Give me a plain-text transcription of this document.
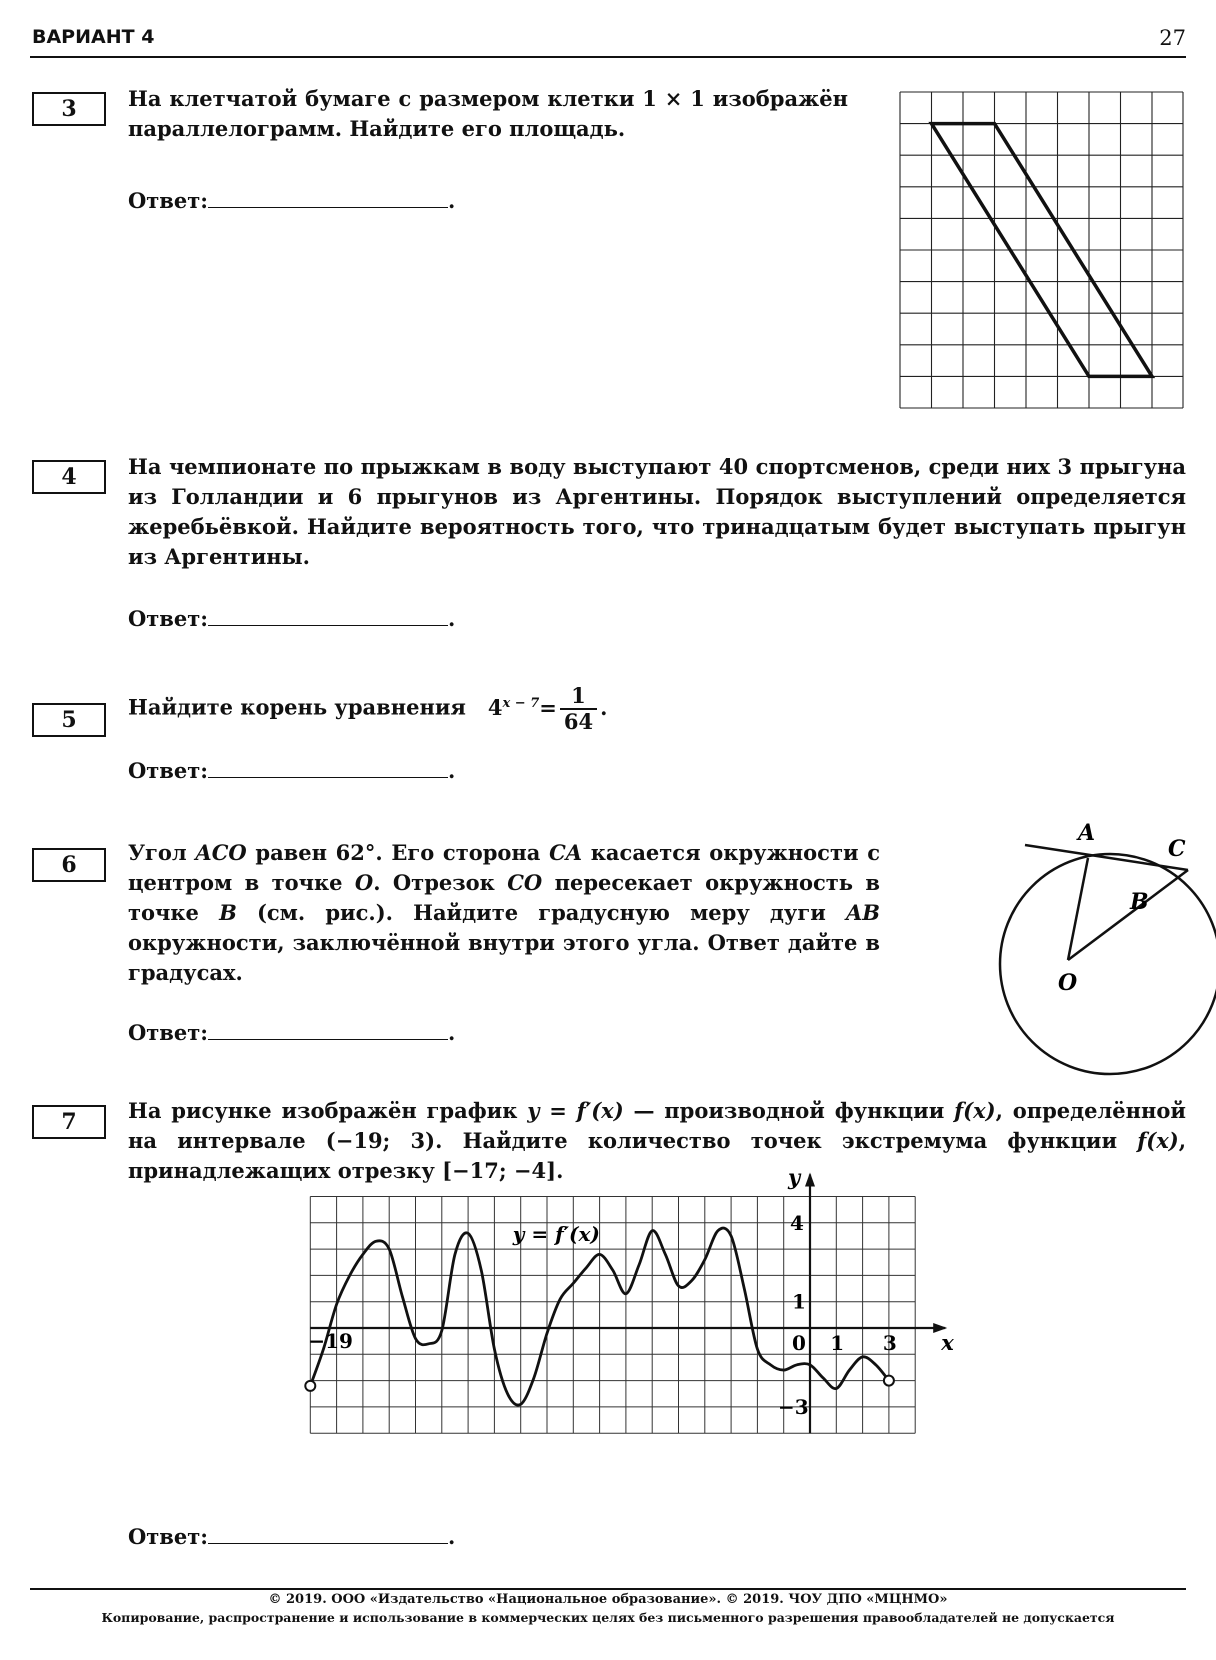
ВАРИАНТ 4	27
3	На клетчатой бумаге с размером клетки 1 × 1 изображён параллелограмм. Найдите его площадь.
Ответ:	.
4	На чемпионате по прыжкам в воду выступают 40 спортсменов, среди них 3 прыгуна из Голландии и 6 прыгунов из Аргентины. Порядок выступлений определяется жеребьёвкой. Найдите вероятность того, что тринадцатым будет выступать прыгун из Аргентины.
Ответ:	.
5	Найдите корень уравнения $4^{x - 7}= \frac{1}{64}$ .
Ответ:	.
6	Угол ACO равен 62°. Его сторона CA касается окружности с центром в точке O. Отрезок CO пересекает окружность в точке B (см. рис.). Найдите градусную меру дуги AB окружности, заключённой внутри этого угла. Ответ дайте в градусах.
Ответ:	.
A
C
B
O
7	На рисунке изображён график y = f′(x) — производной функции f(x), определённой на интервале (−19; 3). Найдите количество точек экстремума функции f(x), принадлежащих отрезку [−17; −4].	y
x
y = f′(x)
−19	0 1 3
4
1
−3
Ответ:	.
© 2019. ООО «Издательство «Национальное образование». © 2019. ЧОУ ДПО «МЦНМО»
Копирование, распространение и использование в коммерческих целях без письменного разрешения правообладателей не допускается
